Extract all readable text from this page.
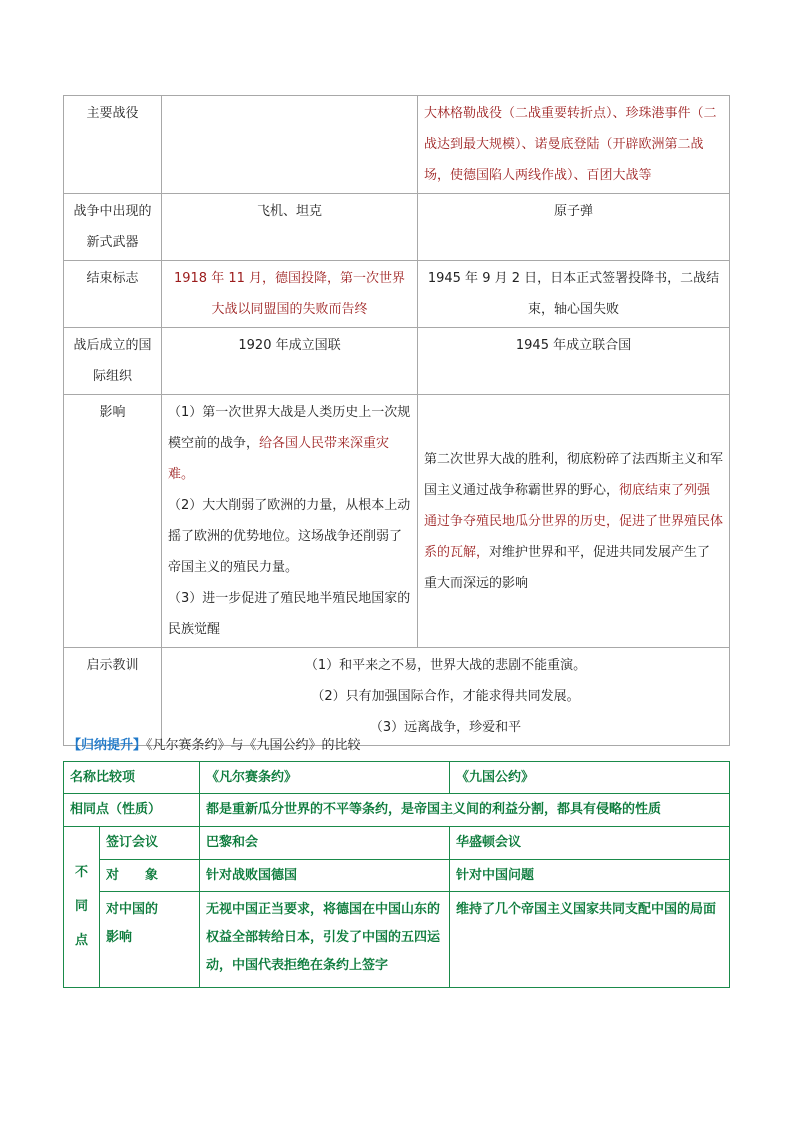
主要战役		大林格勒战役（二战重要转折点）、珍珠港事件（二战达到最大规模）、诺曼底登陆（开辟欧洲第二战场，使德国陷人两线作战）、百团大战等
战争中出现的新式武器	飞机、坦克	原子弹
结束标志	1918 年 11 月，德国投降，第一次世界大战以同盟国的失败而告终	1945 年 9 月 2 日，日本正式签署投降书，二战结束，轴心国失败
战后成立的国际组织	1920 年成立国联	1945 年成立联合国
影响	（1）第一次世界大战是人类历史上一次规模空前的战争，给各国人民带来深重灾难。

（2）大大削弱了欧洲的力量，从根本上动摇了欧洲的优势地位。这场战争还削弱了帝国主义的殖民力量。

（3）进一步促进了殖民地半殖民地国家的民族觉醒	第二次世界大战的胜利，彻底粉碎了法西斯主义和军国主义通过战争称霸世界的野心，彻底结束了列强通过争夺殖民地瓜分世界的历史，促进了世界殖民体系的瓦解，对维护世界和平，促进共同发展产生了重大而深远的影响

启示教训	（1）和平来之不易，世界大战的悲剧不能重演。
（2）只有加强国际合作，才能求得共同发展。
（3）远离战争，珍爱和平	
【归纳提升】《凡尔赛条约》与《九国公约》的比较
名称比较项		《凡尔赛条约》	《九国公约》
相同点（性质）		都是重新瓜分世界的不平等条约，是帝国主义间的利益分割，都具有侵略的性质	
不同点	签订会议	巴黎和会	华盛顿会议
	对　　象	针对战败国德国	针对中国问题
	对中国的影响	无视中国正当要求，将德国在中国山东的权益全部转给日本，引发了中国的五四运动，中国代表拒绝在条约上签字	维持了几个帝国主义国家共同支配中国的局面
